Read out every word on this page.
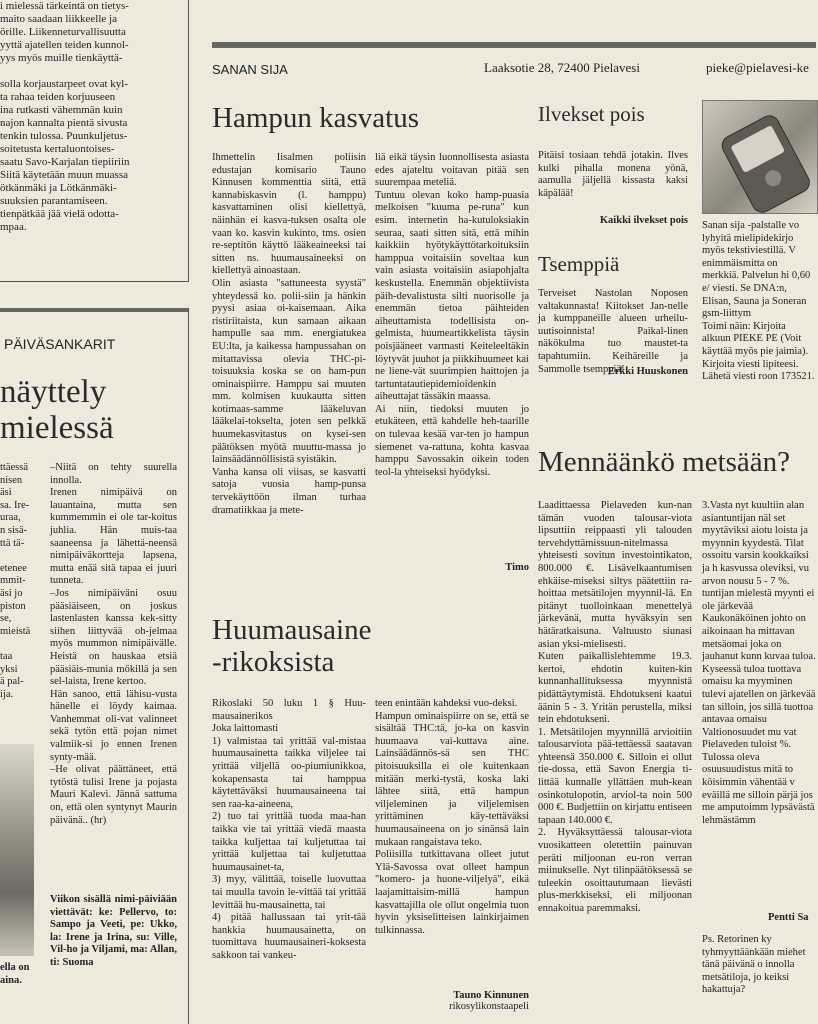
i mielessä tärkeintä on tietys-
maito saadaan liikkeelle ja
örille. Liikenneturvallisuutta
yyttä ajatellen teiden kunnol-
yys myös muille tienkäyttä-

solla korjaustarpeet ovat kyl-
ta rahaa teiden korjuuseen
ina rutkasti vähemmän kuin
najon kannalta pientä sivusta
tenkin tulossa. Puunkuljetus-
soitetusta kertaluontoises-
saatu Savo-Karjalan tiepiiriin
Siitä käytetään muun muassa
ötkänmäki ja Lötkänmäki-
suuksien parantamiseen.
tienpätkää jää vielä odotta-
mpaa.

PÄIVÄSANKARIT
näyttely
mielessä

ttäessä
nisen
äsi
sa. Ire-
uraa,
n sisä-
ttä tä-

etenee
mmit-
äsi jo
piston
se,
mieistä

taa
yksi
ä pal-
ija.

ella on
aina.

–Niitä on tehty suurella innolla.
Irenen nimipäivä on lauantaina, mutta sen kummemmin ei ole tar-koitus juhlia. Hän muis-taa saaneensa ja lähettä-neensä nimipäiväkortteja lapsena, mutta enää sitä tapaa ei juuri tunneta.
–Jos nimipäiväni osuu pääsiäiseen, on joskus lastenlasten kanssa kek-sitty siihen liittyvää oh-jelmaa myös mummon nimipäivälle. Heistä on hauskaa etsiä pääsiäis-munia mökillä ja sen sel-laista, Irene kertoo.
Hän sanoo, että lähisu-vusta hänelle ei löydy kaimaa. Vanhemmat oli-vat valinneet sekä tytön että pojan nimet valmiik-si jo ennen Irenen synty-mää.
–He olivat päättäneet, että tytöstä tulisi Irene ja pojasta Mauri Kalevi. Jännä sattuma on, että olen syntynyt Maurin päivänä.. (hr)

Viikon sisällä nimi-päiviään viettävät: ke: Pellervo, to: Sampo ja Veeti, pe: Ukko, la: Irene ja Irina, su: Ville, Vil-ho ja Viljami, ma: Allan, ti: Suoma

SANAN SIJA	Laaksotie 28, 72400 Pielavesi	pieke@pielavesi-ke
Hampun kasvatus

Ihmettelin Iisalmen poliisin edustajan komisario Tauno Kinnusen kommenttia siitä, että kannabiskasvin (l. hamppu) kasvattaminen olisi kiellettyä, näinhän ei kasva-tuksen osalta ole vaan ko. kasvin kukinto, tms. osien re-septitön käyttö lääkeaineeksi tai sitten ns. huumausaineeksi on kiellettyä ainoastaan.
Olin asiasta "sattuneesta syystä" yhteydessä ko. polii-siin ja hänkin pyysi asiaa oi-kaisemaan. Aika ristiriitaista, kun samaan aikaan hampulle saa mm. energiatukea EU:lta, ja kaikessa hampussahan on mitattavissa olevia THC-pi-toisuuksia koska se on ham-pun ominaispiirre. Hamppu sai muuten mm. kolmisen kuukautta sitten kotimaas-samme lääkeluvan lääkelai-tokselta, joten sen pelkkä huumekasvitastus on kysei-sen päätöksen myötä muuttu-massa jo lainsäädännöllisistä syistäkin.
Vanha kansa oli viisas, se kasvatti satoja vuosia hamp-punsa tervekäyttöön ilman turhaa dramatiikkaa ja mete-

liä eikä täysin luonnollisesta asiasta edes ajateltu voitavan pitää sen suurempaa meteliä.
Tuntuu olevan koko hamp-puasia melkoisen "kuuma pe-runa" kun esim. internetin ha-kutuloksiakin seuraa, saati sitten sitä, että mihin kaikkiin hyötykäyttötarkoituksiin hamppua voitaisiin soveltaa kun vain asiasta voitaisiin asiapohjalta keskustella. Enemmän objektiivista päih-devalistusta silti nuorisolle ja enemmän tietoa päihteiden aiheuttamista todellisista on-gelmista, huumeartikkelista täysin poisjääneet varmasti Keiteleeltäkin löytyvät juuhot ja piikkihuumeet kai ne liene-vät suurimpien haittojen ja tartuntatautiepidemioidenkin aiheuttajat tässäkin maassa.
Ai niin, tiedoksi muuten jo etukäteen, että kahdelle heh-taarille on tulevaa kesää var-ten jo hampun siemenet va-rattuna, kohta kasvaa hamppu Savossakin oikein toden teol-la yhteiseksi hyödyksi.

Timo

Ilvekset pois

Pitäisi tosiaan tehdä jotakin. Ilves kulki pihalla monena yönä, aamulla jäljellä kissasta kaksi käpälää!

Kaikki ilvekset pois

Tsemppiä

Terveiset Nastolan Noposen valtakunnasta! Kiitokset Jan-nelle ja kumppaneille alueen urheilu-uutisoinnista! Paikal-linen näkökulma tuo maustet-ta tapahtumiin. Keihäreille ja Sammolle tsemppiä!

Erkki Huuskonen

Sanan sija -palstalle vo lyhyitä mielipidekirjo myös tekstiviestillä. V enimmäismitta on merkkiä. Palvelun hi 0,60 e/ viesti. Se DNA:n, Elisan, Sauna ja Soneran gsm-liittym
Toimi näin: Kirjoita alkuun PIEKE PE (Voit käyttää myös pie jaimia). Kirjoita viesti lipiteesi. Lähetä viesti roon 173521.

Huumausaine
-rikoksista

Rikoslaki 50 luku 1 § Huu-mausainerikos
Joka laittomasti
1) valmistaa tai yrittää val-mistaa huumausainetta taikka viljelee tai yrittää viljellä oo-piumiunikkoa, kokapensasta tai hamppua käytettäväksi huumausaineena tai sen raa-ka-aineena,
2) tuo tai yrittää tuoda maa-han taikka vie tai yrittää viedä maasta taikka kuljettaa tai kuljetuttaa tai yrittää kuljettaa tai kuljetuttaa huumausainet-ta,
3) myy, välittää, toiselle luovuttaa tai muulla tavoin le-vittää tai yrittää levittää hu-mausainetta, tai
4) pitää hallussaan tai yrit-tää hankkia huumausainetta, on tuomittava huumausaineri-koksesta sakkoon tai vankeu-

teen enintään kahdeksi vuo-deksi.
Hampun ominaispiirre on se, että se sisältää THC:tä, jo-ka on kasvin huumaava vai-kuttava aine. Lainsäädännös-sä sen THC pitoisuuksilla ei ole kuitenkaan mitään merki-tystä, koska laki lähtee siitä, että hampun viljeleminen ja viljelemisen yrittäminen käy-tettäväksi huumausaineena on jo sinänsä lain mukaan rangaistava teko.
Poliisilla tutkittavana olleet jutut Ylä-Savossa ovat olleet hampun "komero- ja huone-viljelyä", eikä laajamittaisim-millä hampun kasvattajilla ole ollut ongelmia tuon hyvin yksiselitteisen lainkirjaimen tulkinnassa.

Tauno Kinnunen

rikosylikonstaapeli

Mennäänkö metsään?

Laadittaessa Pielaveden kun-nan tämän vuoden talousar-viota lipsuttiin reippaasti yli talouden tervehdyttämissuun-nitelmassa yhteisesti sovitun investointikaton, 800.000 €. Lisävelkaantumisen ehkäise-miseksi siltys päätettiin ra-hoittaa metsätilojen myynnil-lä. En pitänyt tuolloinkaan menettelyä järkevänä, mutta hyväksyin sen hätäratkaisuna. Valtuusto siunasi asian yksi-mielisesti.
Kuten paikallislehtemme 19.3. kertoi, ehdotin kuiten-kin kunnanhallituksessa myynnistä pidättäytymistä. Ehdotukseni kaatui äänin 5 - 3. Yritän perustella, miksi tein ehdotukseni.
1. Metsätilojen myynnillä arvioitiin talousarviota pää-tettäessä saatavan yhteensä 350.000 €. Silloin ei ollut tie-dossa, että Savon Energia ti-littää kunnalle yllättäen muh-kean osinkotulopotin, arviol-ta noin 500 000 €. Budjettiin on kirjattu entiseen tapaan 140.000 €.
2. Hyväksyttäessä talousar-viota vuosikatteen oletettiin painuvan peräti miljoonan eu-ron verran miinukselle. Nyt tilinpäätöksessä se tuleekin osoittautumaan lievästi plus-merkkiseksi, eli miljoonan ennakoitua paremmaksi.

3.Vasta nyt kuultiin alan asiantuntijan näl set myytäviksi aiotu loista ja myynnin kyydestä. Tilat ossoitu varsin kookkaiksi ja h kasvussa oleviksi, vu arvon nousu 5 - 7 %. tuntijan mielestä myynti ei ole järkevää
Kaukonäköinen johto on aikoinaan ha mittavan metsäomai joka on jauhanut kunn kuvaa tuloa. Kyseessä tuloa tuottava omaisu ka myyminen tulevi ajatellen on järkevää tan silloin, jos sillä tuottoa antavaa omaisu
Valtionosuudet mu vat Pielaveden tuloist %. Tulossa oleva osuusuudistus mitä to köisimmin vähentää v eväillä me silloin pärjä jos me amputoimm lypsävästä lehmästämm

Pentti Sa

Ps. Retorinen ky tyhmyyttäänkään miehet tänä päivänä o innolla metsätiloja, jo keiksi hakattuja?
